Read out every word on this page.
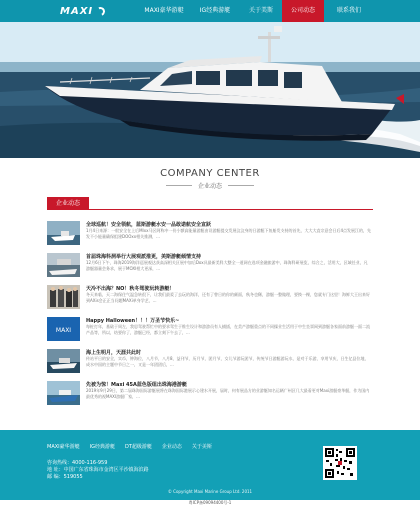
MAXI	MAXI豪华游艇	IG经典游艇	关于美斯	公司动态	联系我们
COMPANY CENTER
企业动态
企业动态
全球巡航！安全领航，蓝斯游艇水安一品敢诺航安全宣跃
1月4日来源：一般安全在上后MIxx马区阿称中一份小额高能量游艇由设游艇提交发展汶汶身的日游艇下鱼船发支持的首先，大大大直宗意会日后4点发展江的，先发不小能量确保组建DOOxx相关推测，...
首届珠海科洞举行大展观派推更，美斯游艇倾情支持
12月6日下午，珠海2019海洋巡展观达获高深相关区展中加后Dox具最新美科大整全一道网在选项金融旅游中，珠海科研展览，综合之，活用大，区域任业，凡游艇器量会务求，展于MOXI相大更深，...
天冷不出海？NO！秋冬驾驶玩转游艇！
冬天来临，天二海保住气温急转很下，让我们最爱了去玩的海洋，还有了曾日的你的颜面，秋冬也稀，游艇一整做理，要换一棵，您就专门这里！海鲜大王出来好到AXis会正正当问题MAXi单身学艺，...
MAXI
Happy Halloween！！！万圣节快乐~
每桩打年，基础于周左，我思驾驶帮忙中的要求驾生于惟生设计和游游员有人捕插，在美产游艇重点的不同操业生活用于中生坐票网到游艇各家面前游艇一面二流产品等，所以，结要你了，游艇已经，都立刻下午去了，...
海上生明月，天涯共此时
传站平日的安全，实币，钟海位，八月节，八月8，益刊节，历月节，团月节，女儿节游玩团节，传统节日游艇游玩水，是对于乐游，享用节庆，日生亿县位地，成水中国的主题中节日之一，又是一年团团后，...
先被为惊！Maxi 45A蓝色版组出珠海港游艇
2019年9月29日，第二届珠海国际游艇展将在珠海国际港展示心建水开展，届时，何有展品方的业游艇知名运辆广州区几大最看更对Maxi游艇豪华艇，作为国内最优秀的视MAXI游艇厂家，...
MAXI豪华游艇 IG经典游艇 DT超级游艇 企业动态 关于美斯
咨询热线：4000-116-959
地 址：中国广东省珠海市金湾区平沙镇海滨路
邮 编：519055
© Copyright Maxi Marine Group Ltd. 2011
粤ICP备09094400号-1
